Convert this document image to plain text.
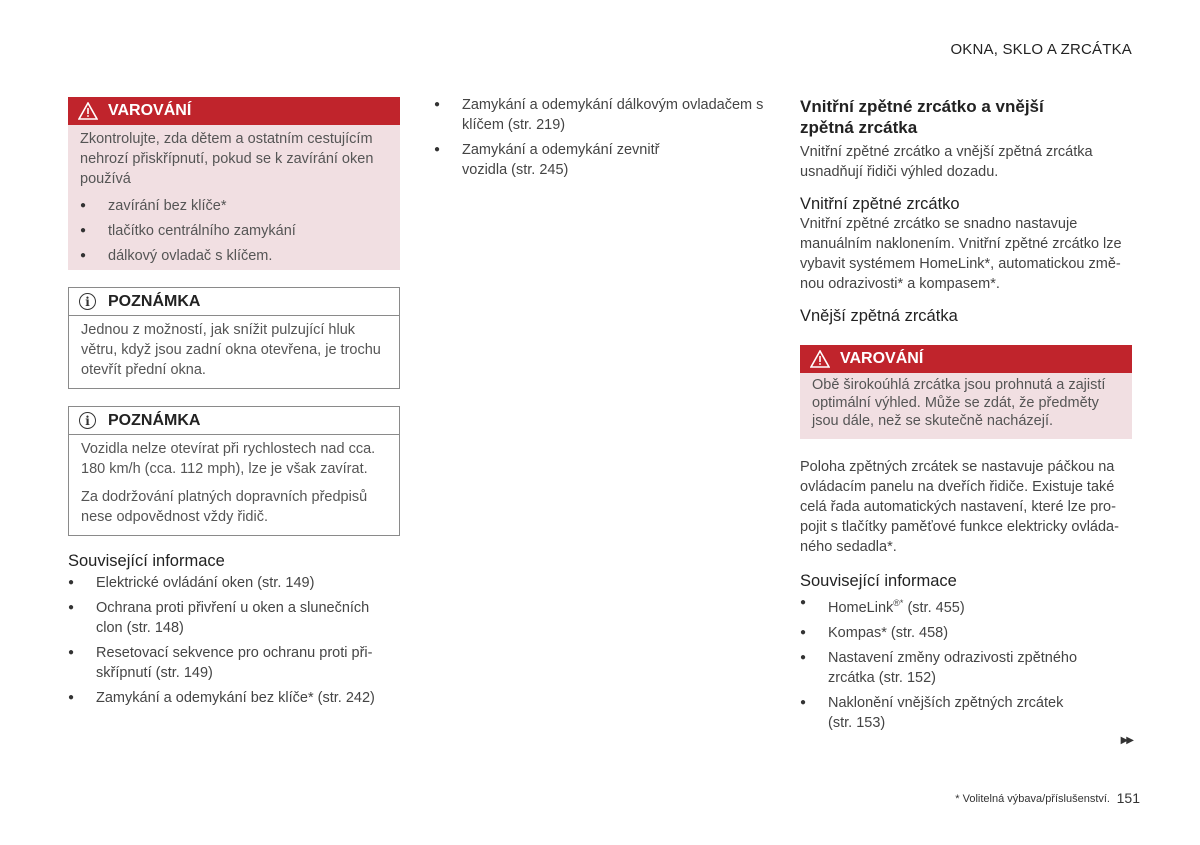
OKNA, SKLO A ZRCÁTKA
VAROVÁNÍ

Zkontrolujte, zda dětem a ostatním cestujícím nehrozí přiskřípnutí, pokud se k zavírání oken používá

● zavírání bez klíče*
● tlačítko centrálního zamykání
● dálkový ovladač s klíčem.
i	POZNÁMKA

Jednou z možností, jak snížit pulzující hluk větru, když jsou zadní okna otevřena, je trochu otevřít přední okna.

i	POZNÁMKA

Vozidla nelze otevírat při rychlostech nad cca. 180 km/h (cca. 112 mph), lze je však zavírat.

Za dodržování platných dopravních předpisů nese odpovědnost vždy řidič.

Související informace
● Elektrické ovládání oken (str. 149)
● Ochrana proti přivření u oken a slunečních clon (str. 148)
● Resetovací sekvence pro ochranu proti při-skřípnutí (str. 149)
● Zamykání a odemykání bez klíče* (str. 242)
● Zamykání a odemykání dálkovým ovladačem s klíčem (str. 219)
● Zamykání a odemykání zevnitř vozidla (str. 245)
Vnitřní zpětné zrcátko a vnější zpětná zrcátka

Vnitřní zpětné zrcátko a vnější zpětná zrcátka usnadňují řidiči výhled dozadu.

Vnitřní zpětné zrcátko

Vnitřní zpětné zrcátko se snadno nastavuje manuálním naklonením. Vnitřní zpětné zrcátko lze vybavit systémem HomeLink*, automatickou změ-nou odrazivosti* a kompasem*.

Vnější zpětná zrcátka
VAROVÁNÍ

Obě širokoúhlá zrcátka jsou prohnutá a zajistí optimální výhled. Může se zdát, že předměty jsou dále, než se skutečně nacházejí.

Poloha zpětných zrcátek se nastavuje páčkou na ovládacím panelu na dveřích řidiče. Existuje také celá řada automatických nastavení, které lze pro-pojit s tlačítky paměťové funkce elektricky ovláda-ného sedadla*.

Související informace
● HomeLink®* (str. 455)
● Kompas* (str. 458)
● Nastavení změny odrazivosti zpětného zrcátka (str. 152)
● Naklonění vnějších zpětných zrcátek (str. 153)
▶▶
* Volitelná výbava/příslušenství. 151
